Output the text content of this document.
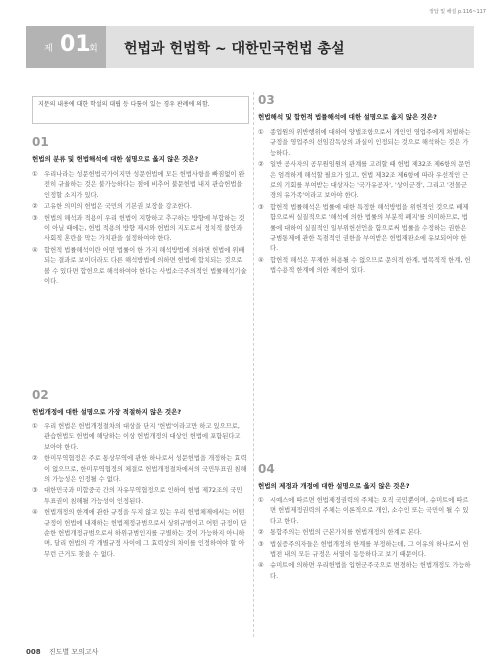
정답 및 해설 p.116~117
제 01
회 헌법과 헌법학 ~ 대한민국헌법 총설
지문의 내용에 대한 학설의 대립 등 다툼이 있는 경우 판례에 의함.
01
헌법의 분류 및 헌법해석에 대한 설명으로 옳지 않은 것은?
① 우리나라는 성문헌법국가이지만 성문헌법에 모든 헌법사항을 빠짐없이 완전히 규율하는 것은 불가능하다는 점에 비추어 불문헌법 내지 관습헌법을 인정할 소지가 있다.
② 고유한 의미의 헌법은 국민의 기본권 보장을 강조한다.
③ 헌법의 해석과 적용이 우리 헌법이 지향하고 추구하는 방향에 부합하는 것이 아닐 때에는, 헌법 적용의 방향 제시와 헌법의 지도로서 정치적 불안과 사회적 혼란을 막는 가치관을 설정하여야 한다.
④ 합헌적 법률해석이란 어떤 법률이 한 가지 해석방법에 의하면 헌법에 위배되는 결과로 보이더라도 다른 해석방법에 의하면 헌법에 합치되는 것으로 볼 수 있다면 합헌으로 해석하여야 한다는 사법소극주의적인 법률해석기술이다.
02
헌법개정에 대한 설명으로 가장 적절하지 않은 것은?
① 우리 헌법은 헌법개정절차의 대상을 단지 '헌법'이라고만 하고 있으므로, 관습헌법도 헌법에 해당하는 이상 헌법개정의 대상인 헌법에 포함된다고 보아야 한다.
② 한미무역협정은 주로 통상무역에 관한 하나로서 성문헌법을 개정하는 효력이 없으므로, 한미무역협정의 체결로 헌법개정절차에서의 국민투표권 침해의 가능성은 인정될 수 없다.
③ 대한민국과 미합중국 간의 자유무역협정으로 인하여 헌법 제72조의 국민투표권이 침해될 가능성이 인정된다.
④ 헌법개정의 한계에 관한 규정을 두지 않고 있는 우리 헌법체제에서는 어떤 규정이 헌법에 내재하는 헌법제정규범으로서 상위규범이고 어떤 규정이 단순한 헌법개정규범으로서 하위규범인지를 구별하는 것이 가능하지 아니하며, 달리 헌법의 각 개별규정 사이에 그 효력상의 차이를 인정하여야 할 아무런 근거도 찾을 수 없다.
03
헌법해석 및 합헌적 법률해석에 대한 설명으로 옳지 않은 것은?
① 종업원의 위반행위에 대하여 양벌조항으로서 개인인 영업주에게 처벌하는 규정을 영업주의 선임감독상의 과실이 인정되는 것으로 해석하는 것은 가능하다.
② 일반 공사자의 공무원임원의 관계를 고려할 때 헌법 제32조 제6항의 문언은 엄격하게 해석할 필요가 있고, 헌법 제32조 제6항에 따라 우선적인 근로의 기회를 부여받는 대상자는 '국가유공자', '상이군경', 그리고 '전몰군경의 유가족'이라고 보아야 한다.
③ 합헌적 법률해석은 법률에 대한 특정한 해석방법을 위헌적인 것으로 배제함으로써 실질적으로 '해석에 의한 법률의 부분적 폐지'를 의미하므로, 법률에 대하여 실질적인 일부위헌선언을 함으로써 법률을 수정하는 권한은 규범통제에 관한 독점적인 권한을 부여받은 헌법재판소에 유보되어야 한다.
④ 합헌적 해석은 무제한 허용될 수 없으므로 문의적 한계, 법목적적 한계, 헌법수용적 한계에 의한 제한이 있다.
04
헌법의 제정과 개정에 대한 설명으로 옳지 않은 것은?
① 시예스에 따르면 헌법제정권력의 주체는 오직 국민뿐이며, 슈미트에 따르면 헌법제정권력의 주체는 이론적으로 개인, 소수인 또는 국민이 될 수 있다고 한다.
② 통합주의는 헌법의 근본가치를 헌법개정의 한계로 본다.
③ 법실증주의자들은 헌법개정의 한계를 부정하는데, 그 이유의 하나로서 헌법전 내의 모든 규정은 서열이 동등하다고 보기 때문이다.
④ 슈미트에 의하면 우리헌법을 입헌군주국으로 변경하는 헌법개정도 가능하다.
008 진도별 모의고사
